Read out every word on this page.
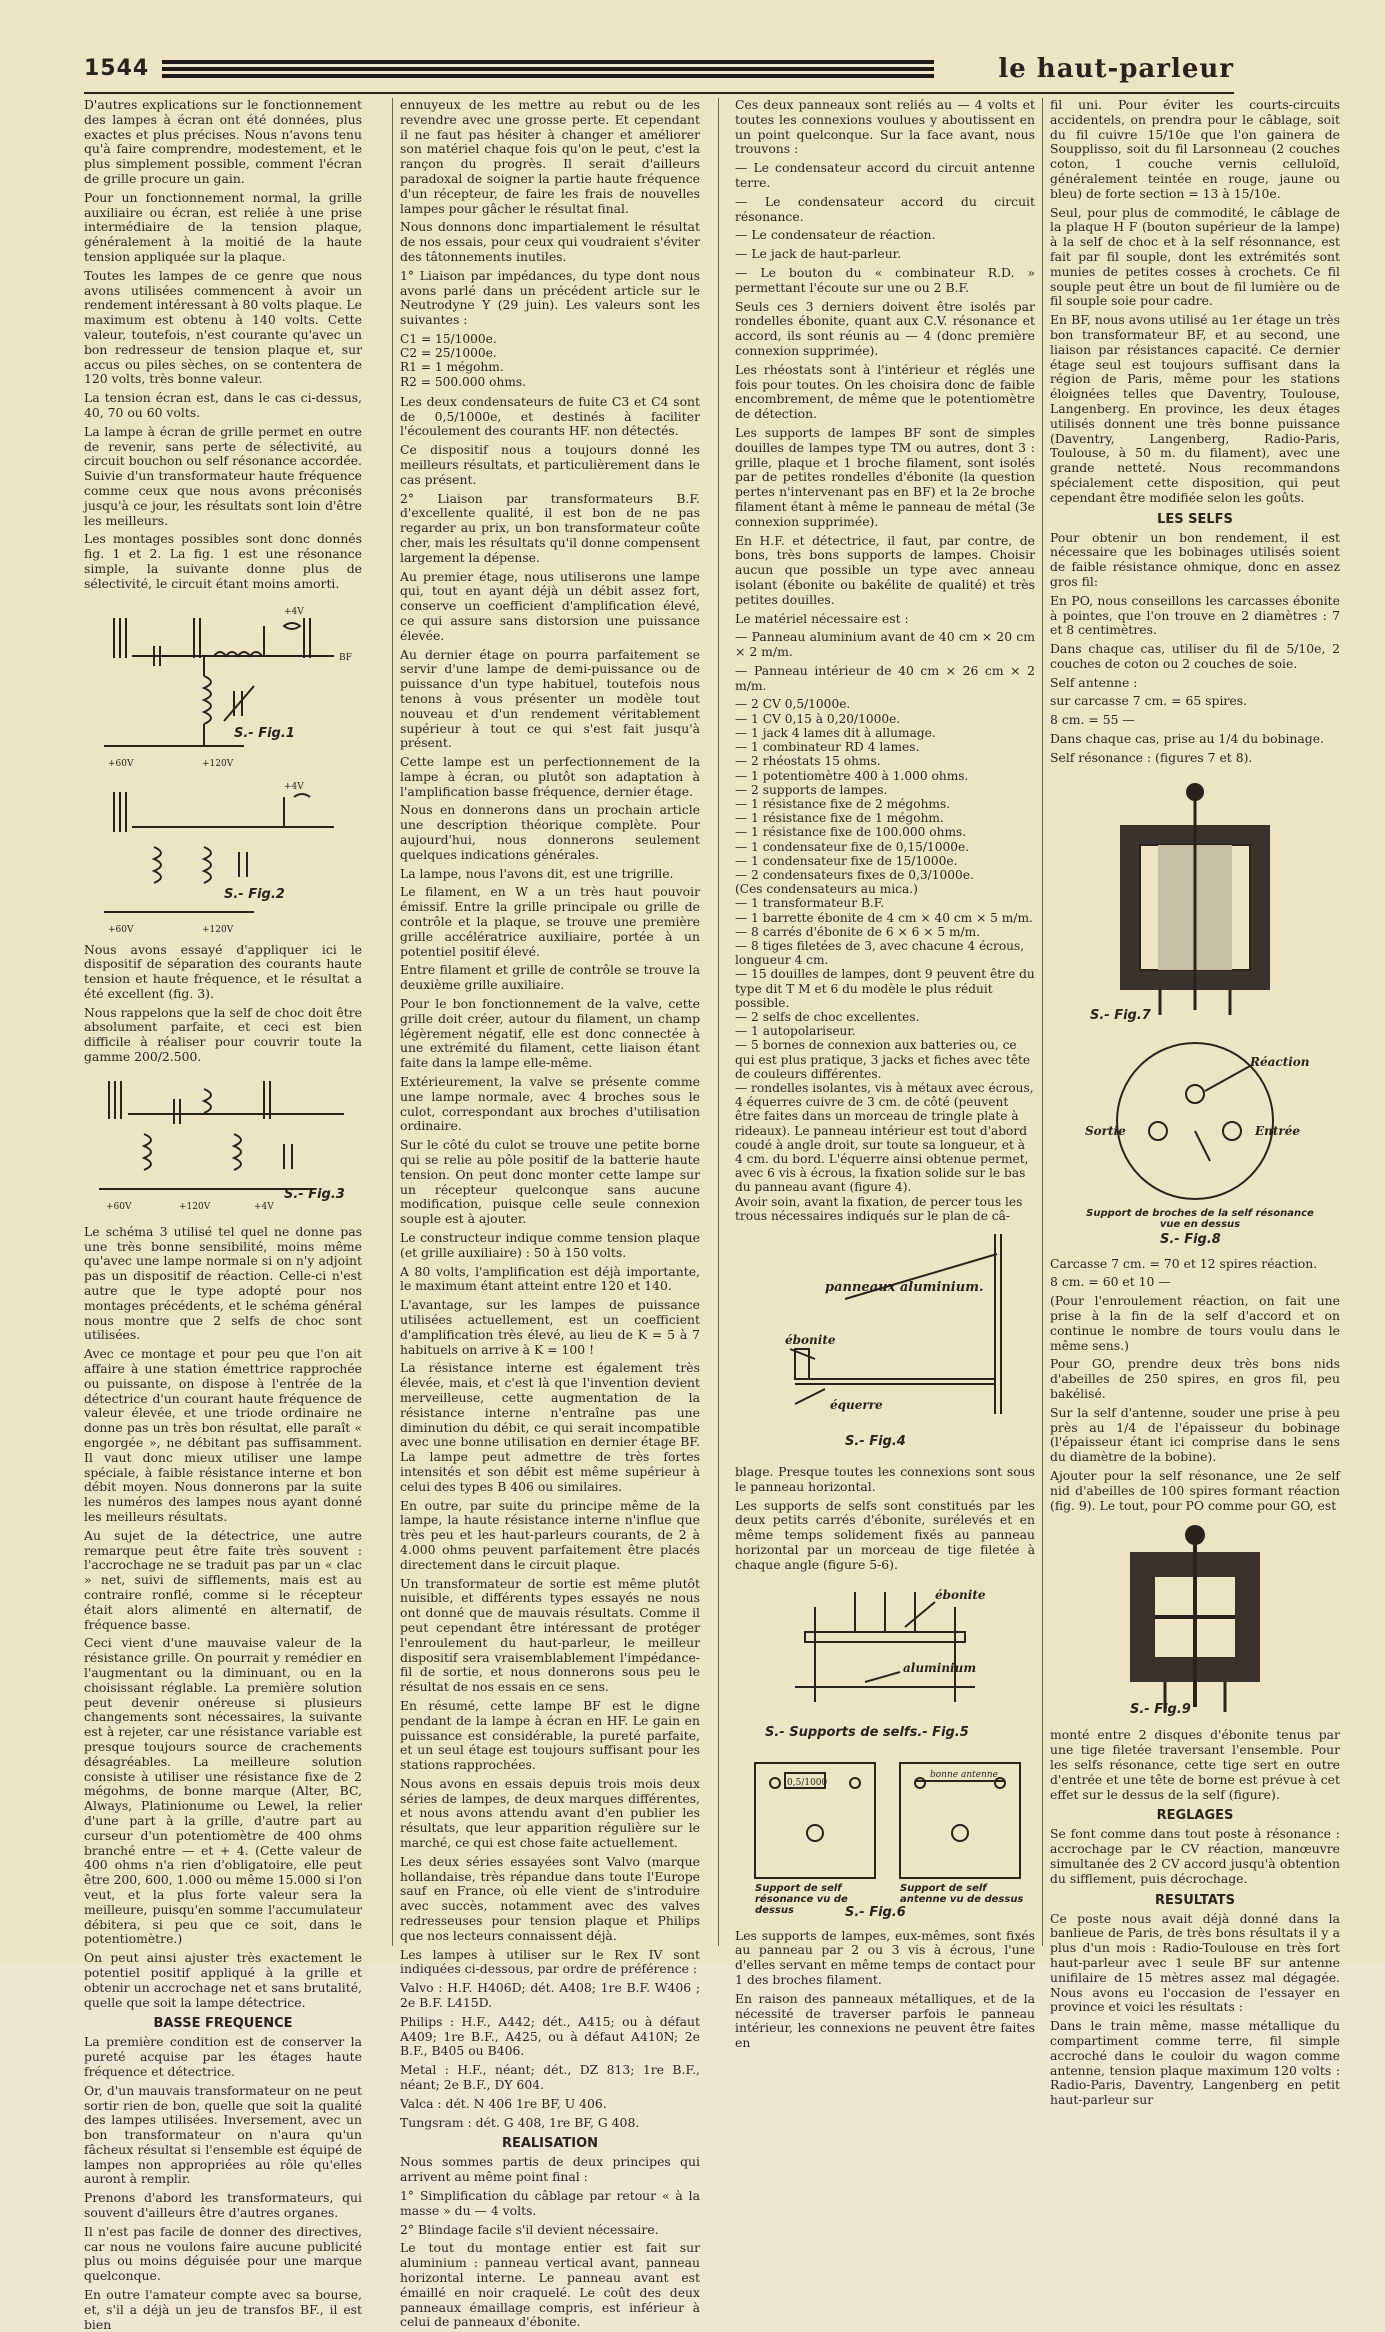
1544	le haut-parleur

D'autres explications sur le fonctionnement des lampes à écran ont été données, plus exactes et plus précises. Nous n'avons tenu qu'à faire comprendre, modestement, et le plus simplement possible, comment l'écran de grille procure un gain.

Pour un fonctionnement normal, la grille auxiliaire ou écran, est reliée à une prise intermédiaire de la tension plaque, généralement à la moitié de la haute tension appliquée sur la plaque.

Toutes les lampes de ce genre que nous avons utilisées commencent à avoir un rendement intéressant à 80 volts plaque. Le maximum est obtenu à 140 volts. Cette valeur, toutefois, n'est courante qu'avec un bon redresseur de tension plaque et, sur accus ou piles sèches, on se contentera de 120 volts, très bonne valeur.

La tension écran est, dans le cas ci-dessus, 40, 70 ou 60 volts.

La lampe à écran de grille permet en outre de revenir, sans perte de sélectivité, au circuit bouchon ou self résonance accordée. Suivie d'un transformateur haute fréquence comme ceux que nous avons préconisés jusqu'à ce jour, les résultats sont loin d'être les meilleurs.

Les montages possibles sont donc donnés fig. 1 et 2. La fig. 1 est une résonance simple, la suivante donne plus de sélectivité, le circuit étant moins amorti.

+4V
BF
+60V	+120V
S.- Fig.1
+4V
+60V	+120V
S.- Fig.2

Nous avons essayé d'appliquer ici le dispositif de séparation des courants haute tension et haute fréquence, et le résultat a été excellent (fig. 3).

Nous rappelons que la self de choc doit être absolument parfaite, et ceci est bien difficile à réaliser pour couvrir toute la gamme 200/2.500.

+60V	+120V	+4V
S.- Fig.3

Le schéma 3 utilisé tel quel ne donne pas une très bonne sensibilité, moins même qu'avec une lampe normale si on n'y adjoint pas un dispositif de réaction. Celle-ci n'est autre que le type adopté pour nos montages précédents, et le schéma général nous montre que 2 selfs de choc sont utilisées.

Avec ce montage et pour peu que l'on ait affaire à une station émettrice rapprochée ou puissante, on dispose à l'entrée de la détectrice d'un courant haute fréquence de valeur élevée, et une triode ordinaire ne donne pas un très bon résultat, elle paraît « engorgée », ne débitant pas suffisamment. Il vaut donc mieux utiliser une lampe spéciale, à faible résistance interne et bon débit moyen. Nous donnerons par la suite les numéros des lampes nous ayant donné les meilleurs résultats.

Au sujet de la détectrice, une autre remarque peut être faite très souvent : l'accrochage ne se traduit pas par un « clac » net, suivi de sifflements, mais est au contraire ronflé, comme si le récepteur était alors alimenté en alternatif, de fréquence basse.

Ceci vient d'une mauvaise valeur de la résistance grille. On pourrait y remédier en l'augmentant ou la diminuant, ou en la choisissant réglable. La première solution peut devenir onéreuse si plusieurs changements sont nécessaires, la suivante est à rejeter, car une résistance variable est presque toujours source de crachements désagréables. La meilleure solution consiste à utiliser une résistance fixe de 2 mégohms, de bonne marque (Alter, BC, Always, Platinionume ou Lewel, la relier d'une part à la grille, d'autre part au curseur d'un potentiomètre de 400 ohms branché entre — et + 4. (Cette valeur de 400 ohms n'a rien d'obligatoire, elle peut être 200, 600, 1.000 ou même 15.000 si l'on veut, et la plus forte valeur sera la meilleure, puisqu'en somme l'accumulateur débitera, si peu que ce soit, dans le potentiomètre.)

On peut ainsi ajuster très exactement le potentiel positif appliqué à la grille et obtenir un accrochage net et sans brutalité, quelle que soit la lampe détectrice.

BASSE FREQUENCE

La première condition est de conserver la pureté acquise par les étages haute fréquence et détectrice.

Or, d'un mauvais transformateur on ne peut sortir rien de bon, quelle que soit la qualité des lampes utilisées. Inversement, avec un bon transformateur on n'aura qu'un fâcheux résultat si l'ensemble est équipé de lampes non appropriées au rôle qu'elles auront à remplir.

Prenons d'abord les transformateurs, qui souvent d'ailleurs être d'autres organes.

Il n'est pas facile de donner des directives, car nous ne voulons faire aucune publicité plus ou moins déguisée pour une marque quelconque.

En outre l'amateur compte avec sa bourse, et, s'il a déjà un jeu de transfos BF., il est bien

ennuyeux de les mettre au rebut ou de les revendre avec une grosse perte. Et cependant il ne faut pas hésiter à changer et améliorer son matériel chaque fois qu'on le peut, c'est la rançon du progrès. Il serait d'ailleurs paradoxal de soigner la partie haute fréquence d'un récepteur, de faire les frais de nouvelles lampes pour gâcher le résultat final.

Nous donnons donc impartialement le résultat de nos essais, pour ceux qui voudraient s'éviter des tâtonnements inutiles.

1° Liaison par impédances, du type dont nous avons parlé dans un précédent article sur le Neutrodyne Y (29 juin). Les valeurs sont les suivantes :

C1 = 15/1000e.
C2 = 25/1000e.
R1 = 1 mégohm.
R2 = 500.000 ohms.

Les deux condensateurs de fuite C3 et C4 sont de 0,5/1000e, et destinés à faciliter l'écoulement des courants HF. non détectés.

Ce dispositif nous a toujours donné les meilleurs résultats, et particulièrement dans le cas présent.

2° Liaison par transformateurs B.F. d'excellente qualité, il est bon de ne pas regarder au prix, un bon transformateur coûte cher, mais les résultats qu'il donne compensent largement la dépense.

Au premier étage, nous utiliserons une lampe qui, tout en ayant déjà un débit assez fort, conserve un coefficient d'amplification élevé, ce qui assure sans distorsion une puissance élevée.

Au dernier étage on pourra parfaitement se servir d'une lampe de demi-puissance ou de puissance d'un type habituel, toutefois nous tenons à vous présenter un modèle tout nouveau et d'un rendement véritablement supérieur à tout ce qui s'est fait jusqu'à présent.

Cette lampe est un perfectionnement de la lampe à écran, ou plutôt son adaptation à l'amplification basse fréquence, dernier étage.

Nous en donnerons dans un prochain article une description théorique complète. Pour aujourd'hui, nous donnerons seulement quelques indications générales.

La lampe, nous l'avons dit, est une trigrille.

Le filament, en W a un très haut pouvoir émissif. Entre la grille principale ou grille de contrôle et la plaque, se trouve une première grille accélératrice auxiliaire, portée à un potentiel positif élevé.

Entre filament et grille de contrôle se trouve la deuxième grille auxiliaire.

Pour le bon fonctionnement de la valve, cette grille doit créer, autour du filament, un champ légèrement négatif, elle est donc connectée à une extrémité du filament, cette liaison étant faite dans la lampe elle-même.

Extérieurement, la valve se présente comme une lampe normale, avec 4 broches sous le culot, correspondant aux broches d'utilisation ordinaire.

Sur le côté du culot se trouve une petite borne qui se relie au pôle positif de la batterie haute tension. On peut donc monter cette lampe sur un récepteur quelconque sans aucune modification, puisque celle seule connexion souple est à ajouter.

Le constructeur indique comme tension plaque (et grille auxiliaire) : 50 à 150 volts.

A 80 volts, l'amplification est déjà importante, le maximum étant atteint entre 120 et 140.

L'avantage, sur les lampes de puissance utilisées actuellement, est un coefficient d'amplification très élevé, au lieu de K = 5 à 7 habituels on arrive à K = 100 !

La résistance interne est également très élevée, mais, et c'est là que l'invention devient merveilleuse, cette augmentation de la résistance interne n'entraîne pas une diminution du débit, ce qui serait incompatible avec une bonne utilisation en dernier étage BF. La lampe peut admettre de très fortes intensités et son débit est même supérieur à celui des types B 406 ou similaires.

En outre, par suite du principe même de la lampe, la haute résistance interne n'influe que très peu et les haut-parleurs courants, de 2 à 4.000 ohms peuvent parfaitement être placés directement dans le circuit plaque.

Un transformateur de sortie est même plutôt nuisible, et différents types essayés ne nous ont donné que de mauvais résultats. Comme il peut cependant être intéressant de protéger l'enroulement du haut-parleur, le meilleur dispositif sera vraisemblablement l'impédance-fil de sortie, et nous donnerons sous peu le résultat de nos essais en ce sens.

En résumé, cette lampe BF est le digne pendant de la lampe à écran en HF. Le gain en puissance est considérable, la pureté parfaite, et un seul étage est toujours suffisant pour les stations rapprochées.

Nous avons en essais depuis trois mois deux séries de lampes, de deux marques différentes, et nous avons attendu avant d'en publier les résultats, que leur apparition régulière sur le marché, ce qui est chose faite actuellement.

Les deux séries essayées sont Valvo (marque hollandaise, très répandue dans toute l'Europe sauf en France, où elle vient de s'introduire avec succès, notamment avec des valves redresseuses pour tension plaque et Philips que nos lecteurs connaissent déjà.

Les lampes à utiliser sur le Rex IV sont indiquées ci-dessous, par ordre de préférence :

Valvo : H.F. H406D; dét. A408; 1re B.F. W406 ; 2e B.F. L415D.

Philips : H.F., A442; dét., A415; ou à défaut A409; 1re B.F., A425, ou à défaut A410N; 2e B.F., B405 ou B406.

Metal : H.F., néant; dét., DZ 813; 1re B.F., néant; 2e B.F., DY 604.

Valca : dét. N 406 1re BF, U 406.

Tungsram : dét. G 408, 1re BF, G 408.

REALISATION

Nous sommes partis de deux principes qui arrivent au même point final :

1° Simplification du câblage par retour « à la masse » du — 4 volts.

2° Blindage facile s'il devient nécessaire.

Le tout du montage entier est fait sur aluminium : panneau vertical avant, panneau horizontal interne. Le panneau avant est émaillé en noir craquelé. Le coût des deux panneaux émaillage compris, est inférieur à celui de panneaux d'ébonite.

Ces deux panneaux sont reliés au — 4 volts et toutes les connexions voulues y aboutissent en un point quelconque. Sur la face avant, nous trouvons :

— Le condensateur accord du circuit antenne terre.

— Le condensateur accord du circuit résonance.

— Le condensateur de réaction.

— Le jack de haut-parleur.

— Le bouton du « combinateur R.D. » permettant l'écoute sur une ou 2 B.F.

Seuls ces 3 derniers doivent être isolés par rondelles ébonite, quant aux C.V. résonance et accord, ils sont réunis au — 4 (donc première connexion supprimée).

Les rhéostats sont à l'intérieur et réglés une fois pour toutes. On les choisira donc de faible encombrement, de même que le potentiomètre de détection.

Les supports de lampes BF sont de simples douilles de lampes type TM ou autres, dont 3 : grille, plaque et 1 broche filament, sont isolés par de petites rondelles d'ébonite (la question pertes n'intervenant pas en BF) et la 2e broche filament étant à même le panneau de métal (3e connexion supprimée).

En H.F. et détectrice, il faut, par contre, de bons, très bons supports de lampes. Choisir aucun que possible un type avec anneau isolant (ébonite ou bakélite de qualité) et très petites douilles.

Le matériel nécessaire est :

— Panneau aluminium avant de 40 cm × 20 cm × 2 m/m.

— Panneau intérieur de 40 cm × 26 cm × 2 m/m.

— 2 CV 0,5/1000e.
— 1 CV 0,15 à 0,20/1000e.
— 1 jack 4 lames dit à allumage.
— 1 combinateur RD 4 lames.
— 2 rhéostats 15 ohms.
— 1 potentiomètre 400 à 1.000 ohms.
— 2 supports de lampes.
— 1 résistance fixe de 2 mégohms.
— 1 résistance fixe de 1 mégohm.
— 1 résistance fixe de 100.000 ohms.
— 1 condensateur fixe de 0,15/1000e.
— 1 condensateur fixe de 15/1000e.
— 2 condensateurs fixes de 0,3/1000e.
(Ces condensateurs au mica.)
— 1 transformateur B.F.
— 1 barrette ébonite de 4 cm × 40 cm × 5 m/m.
— 8 carrés d'ébonite de 6 × 6 × 5 m/m.
— 8 tiges filetées de 3, avec chacune 4 écrous, longueur 4 cm.
— 15 douilles de lampes, dont 9 peuvent être du type dit T M et 6 du modèle le plus réduit possible.
— 2 selfs de choc excellentes.
— 1 autopolariseur.
— 5 bornes de connexion aux batteries ou, ce qui est plus pratique, 3 jacks et fiches avec tête de couleurs différentes.
— rondelles isolantes, vis à métaux avec écrous, 4 équerres cuivre de 3 cm. de côté (peuvent être faites dans un morceau de tringle plate à rideaux). Le panneau intérieur est tout d'abord coudé à angle droit, sur toute sa longueur, et à 4 cm. du bord. L'équerre ainsi obtenue permet, avec 6 vis à écrous, la fixation solide sur le bas du panneau avant (figure 4).
Avoir soin, avant la fixation, de percer tous les trous nécessaires indiqués sur le plan de câ-
panneaux aluminium.
ébonite
équerre
S.- Fig.4

blage. Presque toutes les connexions sont sous le panneau horizontal.

Les supports de selfs sont constitués par les deux petits carrés d'ébonite, surélevés et en même temps solidement fixés au panneau horizontal par un morceau de tige filetée à chaque angle (figure 5-6).

ébonite
aluminium
S.- Supports de selfs.- Fig.5
0,5/1000
bonne antenne
Support de self résonance vu de dessus
Support de self antenne vu de dessus
S.- Fig.6

Les supports de lampes, eux-mêmes, sont fixés au panneau par 2 ou 3 vis à écrous, l'une d'elles servant en même temps de contact pour 1 des broches filament.

En raison des panneaux métalliques, et de la nécessité de traverser parfois le panneau intérieur, les connexions ne peuvent être faites en

fil uni. Pour éviter les courts-circuits accidentels, on prendra pour le câblage, soit du fil cuivre 15/10e que l'on gainera de Soupplisso, soit du fil Larsonneau (2 couches coton, 1 couche vernis celluloïd, généralement teintée en rouge, jaune ou bleu) de forte section = 13 à 15/10e.

Seul, pour plus de commodité, le câblage de la plaque H F (bouton supérieur de la lampe) à la self de choc et à la self résonnance, est fait par fil souple, dont les extrémités sont munies de petites cosses à crochets. Ce fil souple peut être un bout de fil lumière ou de fil souple soie pour cadre.

En BF, nous avons utilisé au 1er étage un très bon transformateur BF, et au second, une liaison par résistances capacité. Ce dernier étage seul est toujours suffisant dans la région de Paris, même pour les stations éloignées telles que Daventry, Toulouse, Langenberg. En province, les deux étages utilisés donnent une très bonne puissance (Daventry, Langenberg, Radio-Paris, Toulouse, à 50 m. du filament), avec une grande netteté. Nous recommandons spécialement cette disposition, qui peut cependant être modifiée selon les goûts.

LES SELFS

Pour obtenir un bon rendement, il est nécessaire que les bobinages utilisés soient de faible résistance ohmique, donc en assez gros fil:

En PO, nous conseillons les carcasses ébonite à pointes, que l'on trouve en 2 diamètres : 7 et 8 centimètres.

Dans chaque cas, utiliser du fil de 5/10e, 2 couches de coton ou 2 couches de soie.

Self antenne :

sur carcasse 7 cm. = 65 spires.

8 cm. = 55 —

Dans chaque cas, prise au 1/4 du bobinage.

Self résonance : (figures 7 et 8).

S.- Fig.7
Réaction
Sortie	Entrée
Support de broches de la self résonance vue en dessus
S.- Fig.8

Carcasse 7 cm. = 70 et 12 spires réaction.

8 cm. = 60 et 10 —

(Pour l'enroulement réaction, on fait une prise à la fin de la self d'accord et on continue le nombre de tours voulu dans le même sens.)

Pour GO, prendre deux très bons nids d'abeilles de 250 spires, en gros fil, peu bakélisé.

Sur la self d'antenne, souder une prise à peu près au 1/4 de l'épaisseur du bobinage (l'épaisseur étant ici comprise dans le sens du diamètre de la bobine).

Ajouter pour la self résonance, une 2e self nid d'abeilles de 100 spires formant réaction (fig. 9). Le tout, pour PO comme pour GO, est

S.- Fig.9

monté entre 2 disques d'ébonite tenus par une tige filetée traversant l'ensemble. Pour les selfs résonance, cette tige sert en outre d'entrée et une tête de borne est prévue à cet effet sur le dessus de la self (figure).

REGLAGES

Se font comme dans tout poste à résonance : accrochage par le CV réaction, manœuvre simultanée des 2 CV accord jusqu'à obtention du sifflement, puis décrochage.

RESULTATS

Ce poste nous avait déjà donné dans la banlieue de Paris, de très bons résultats il y a plus d'un mois : Radio-Toulouse en très fort haut-parleur avec 1 seule BF sur antenne unifilaire de 15 mètres assez mal dégagée. Nous avons eu l'occasion de l'essayer en province et voici les résultats :

Dans le train même, masse métallique du compartiment comme terre, fil simple accroché dans le couloir du wagon comme antenne, tension plaque maximum 120 volts : Radio-Paris, Daventry, Langenberg en petit haut-parleur sur
